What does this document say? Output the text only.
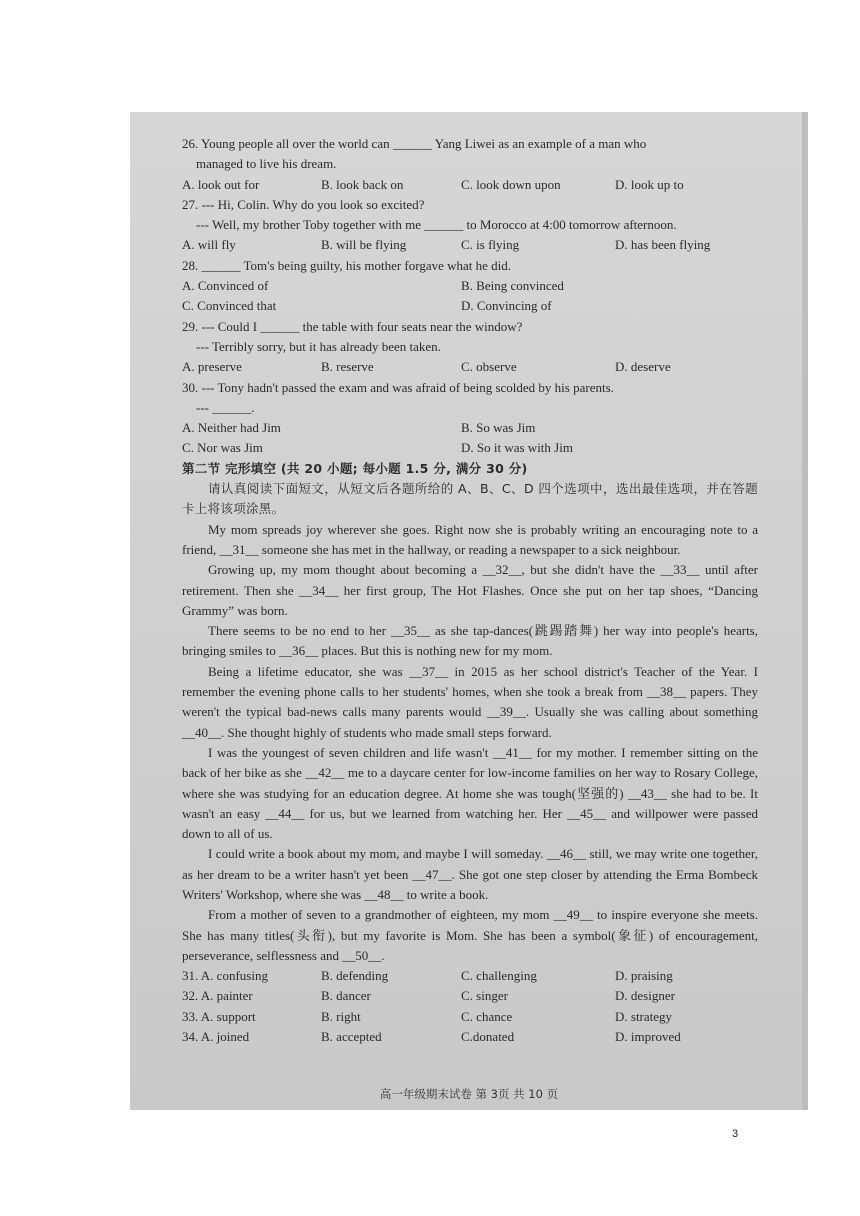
26. Young people all over the world can ______ Yang Liwei as an example of a man who
managed to live his dream.
A. look out for	B. look back on	C. look down upon	D. look up to
27. --- Hi, Colin. Why do you look so excited?
--- Well, my brother Toby together with me ______ to Morocco at 4:00 tomorrow afternoon.
A. will fly	B. will be flying	C. is flying	D. has been flying
28. ______ Tom's being guilty, his mother forgave what he did.
A. Convinced of	B. Being convinced
C. Convinced that	D. Convincing of
29. --- Could I ______ the table with four seats near the window?
--- Terribly sorry, but it has already been taken.
A. preserve	B. reserve	C. observe	D. deserve
30. --- Tony hadn't passed the exam and was afraid of being scolded by his parents.
--- ______.
A. Neither had Jim	B. So was Jim
C. Nor was Jim	D. So it was with Jim
第二节 完形填空 (共 20 小题; 每小题 1.5 分, 满分 30 分)

请认真阅读下面短文，从短文后各题所给的 A、B、C、D 四个选项中，选出最佳选项，并在答题卡上将该项涂黑。

My mom spreads joy wherever she goes. Right now she is probably writing an encouraging note to a friend, __31__ someone she has met in the hallway, or reading a newspaper to a sick neighbour.

Growing up, my mom thought about becoming a __32__, but she didn't have the __33__ until after retirement. Then she __34__ her first group, The Hot Flashes. Once she put on her tap shoes, “Dancing Grammy” was born.

There seems to be no end to her __35__ as she tap-dances(跳踢踏舞) her way into people's hearts, bringing smiles to __36__ places. But this is nothing new for my mom.

Being a lifetime educator, she was __37__ in 2015 as her school district's Teacher of the Year. I remember the evening phone calls to her students' homes, when she took a break from __38__ papers. They weren't the typical bad-news calls many parents would __39__. Usually she was calling about something __40__. She thought highly of students who made small steps forward.

I was the youngest of seven children and life wasn't __41__ for my mother. I remember sitting on the back of her bike as she __42__ me to a daycare center for low-income families on her way to Rosary College, where she was studying for an education degree. At home she was tough(坚强的) __43__ she had to be. It wasn't an easy __44__ for us, but we learned from watching her. Her __45__ and willpower were passed down to all of us.

I could write a book about my mom, and maybe I will someday. __46__ still, we may write one together, as her dream to be a writer hasn't yet been __47__. She got one step closer by attending the Erma Bombeck Writers' Workshop, where she was __48__ to write a book.

From a mother of seven to a grandmother of eighteen, my mom __49__ to inspire everyone she meets. She has many titles(头衔), but my favorite is Mom. She has been a symbol(象征) of encouragement, perseverance, selflessness and __50__.

31. A. confusing	B. defending	C. challenging	D. praising
32. A. painter	B. dancer	C. singer	D. designer
33. A. support	B. right	C. chance	D. strategy
34. A. joined	B. accepted	C.donated	D. improved
高一年级期末试卷 第 3页 共 10 页
3
